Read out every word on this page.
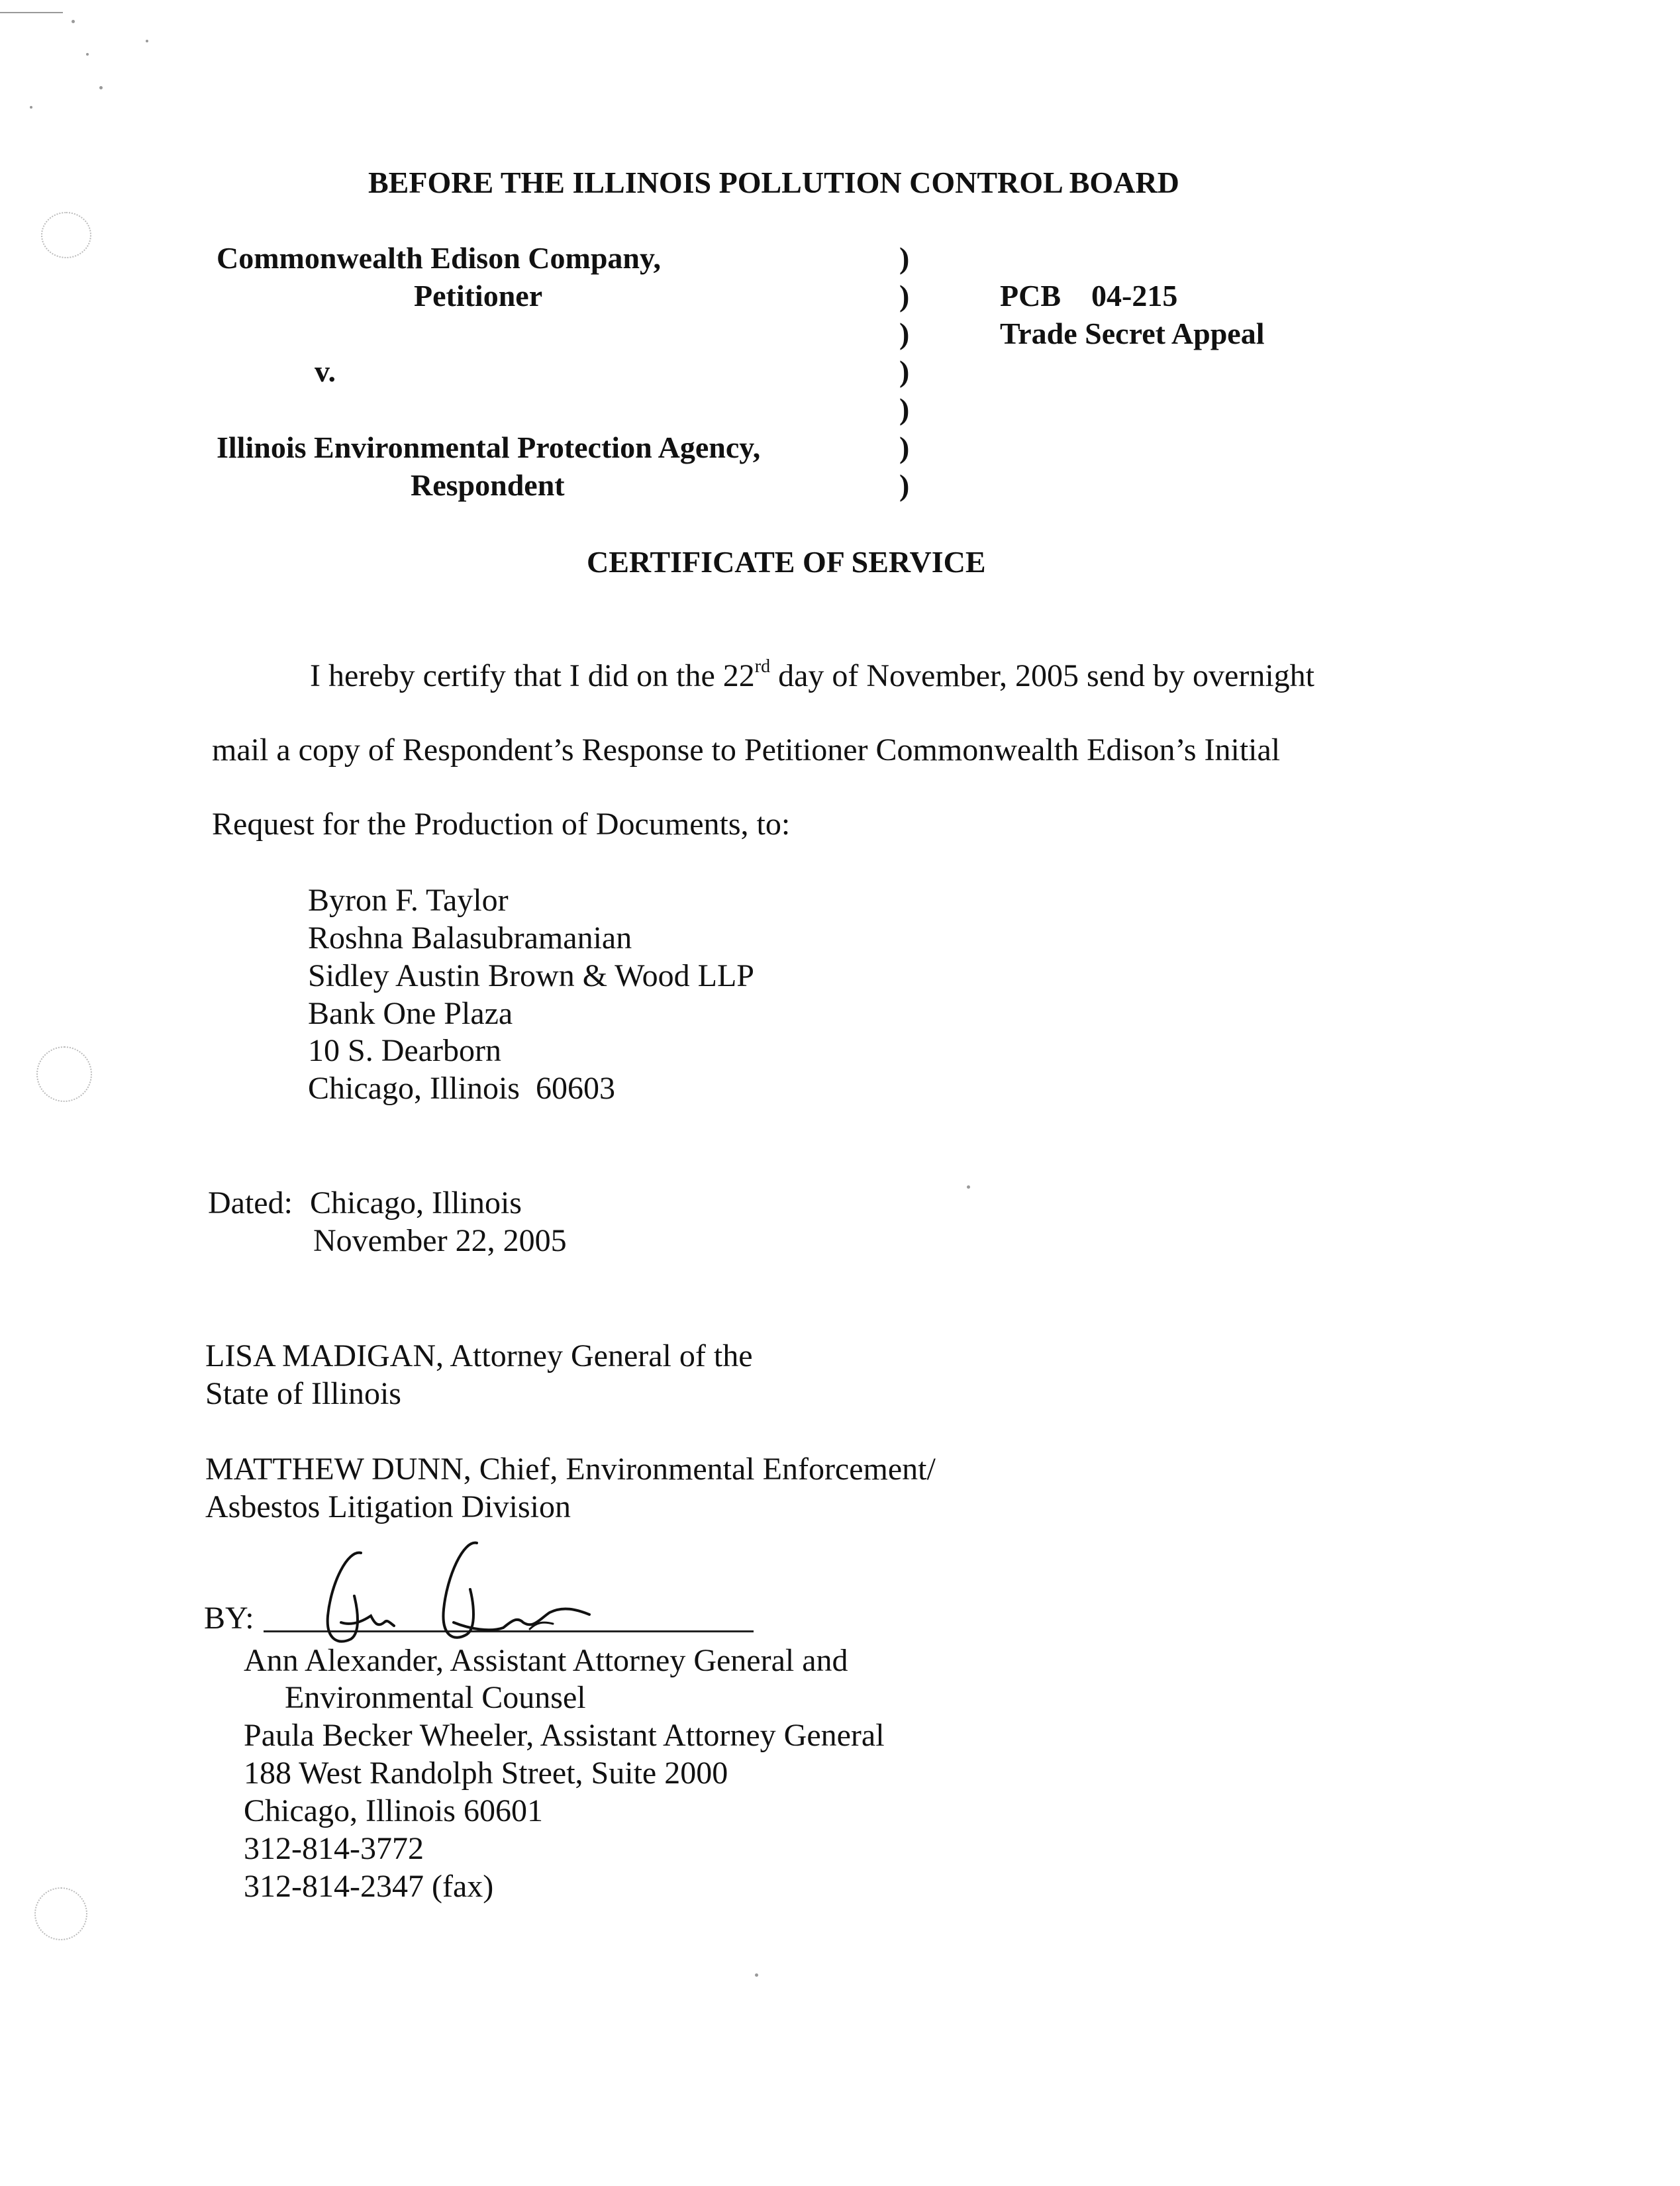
BEFORE THE ILLINOIS POLLUTION CONTROL BOARD
Commonwealth Edison Company,
Petitioner
v.
Illinois Environmental Protection Agency,
Respondent
)
)
)
)
)
)
)
PCB    04-215
Trade Secret Appeal
CERTIFICATE OF SERVICE
I hereby certify that I did on the 22rd day of November, 2005 send by overnight
mail a copy of Respondent’s Response to Petitioner Commonwealth Edison’s Initial
Request for the Production of Documents, to:
Byron F. Taylor
Roshna Balasubramanian
Sidley Austin Brown & Wood LLP
Bank One Plaza
10 S. Dearborn
Chicago, Illinois  60603
Dated: Chicago, Illinois
November 22, 2005
LISA MADIGAN, Attorney General of the
State of Illinois
MATTHEW DUNN, Chief, Environmental Enforcement/
Asbestos Litigation Division
BY:
Ann Alexander, Assistant Attorney General and
Environmental Counsel
Paula Becker Wheeler, Assistant Attorney General
188 West Randolph Street, Suite 2000
Chicago, Illinois 60601
312-814-3772
312-814-2347 (fax)
